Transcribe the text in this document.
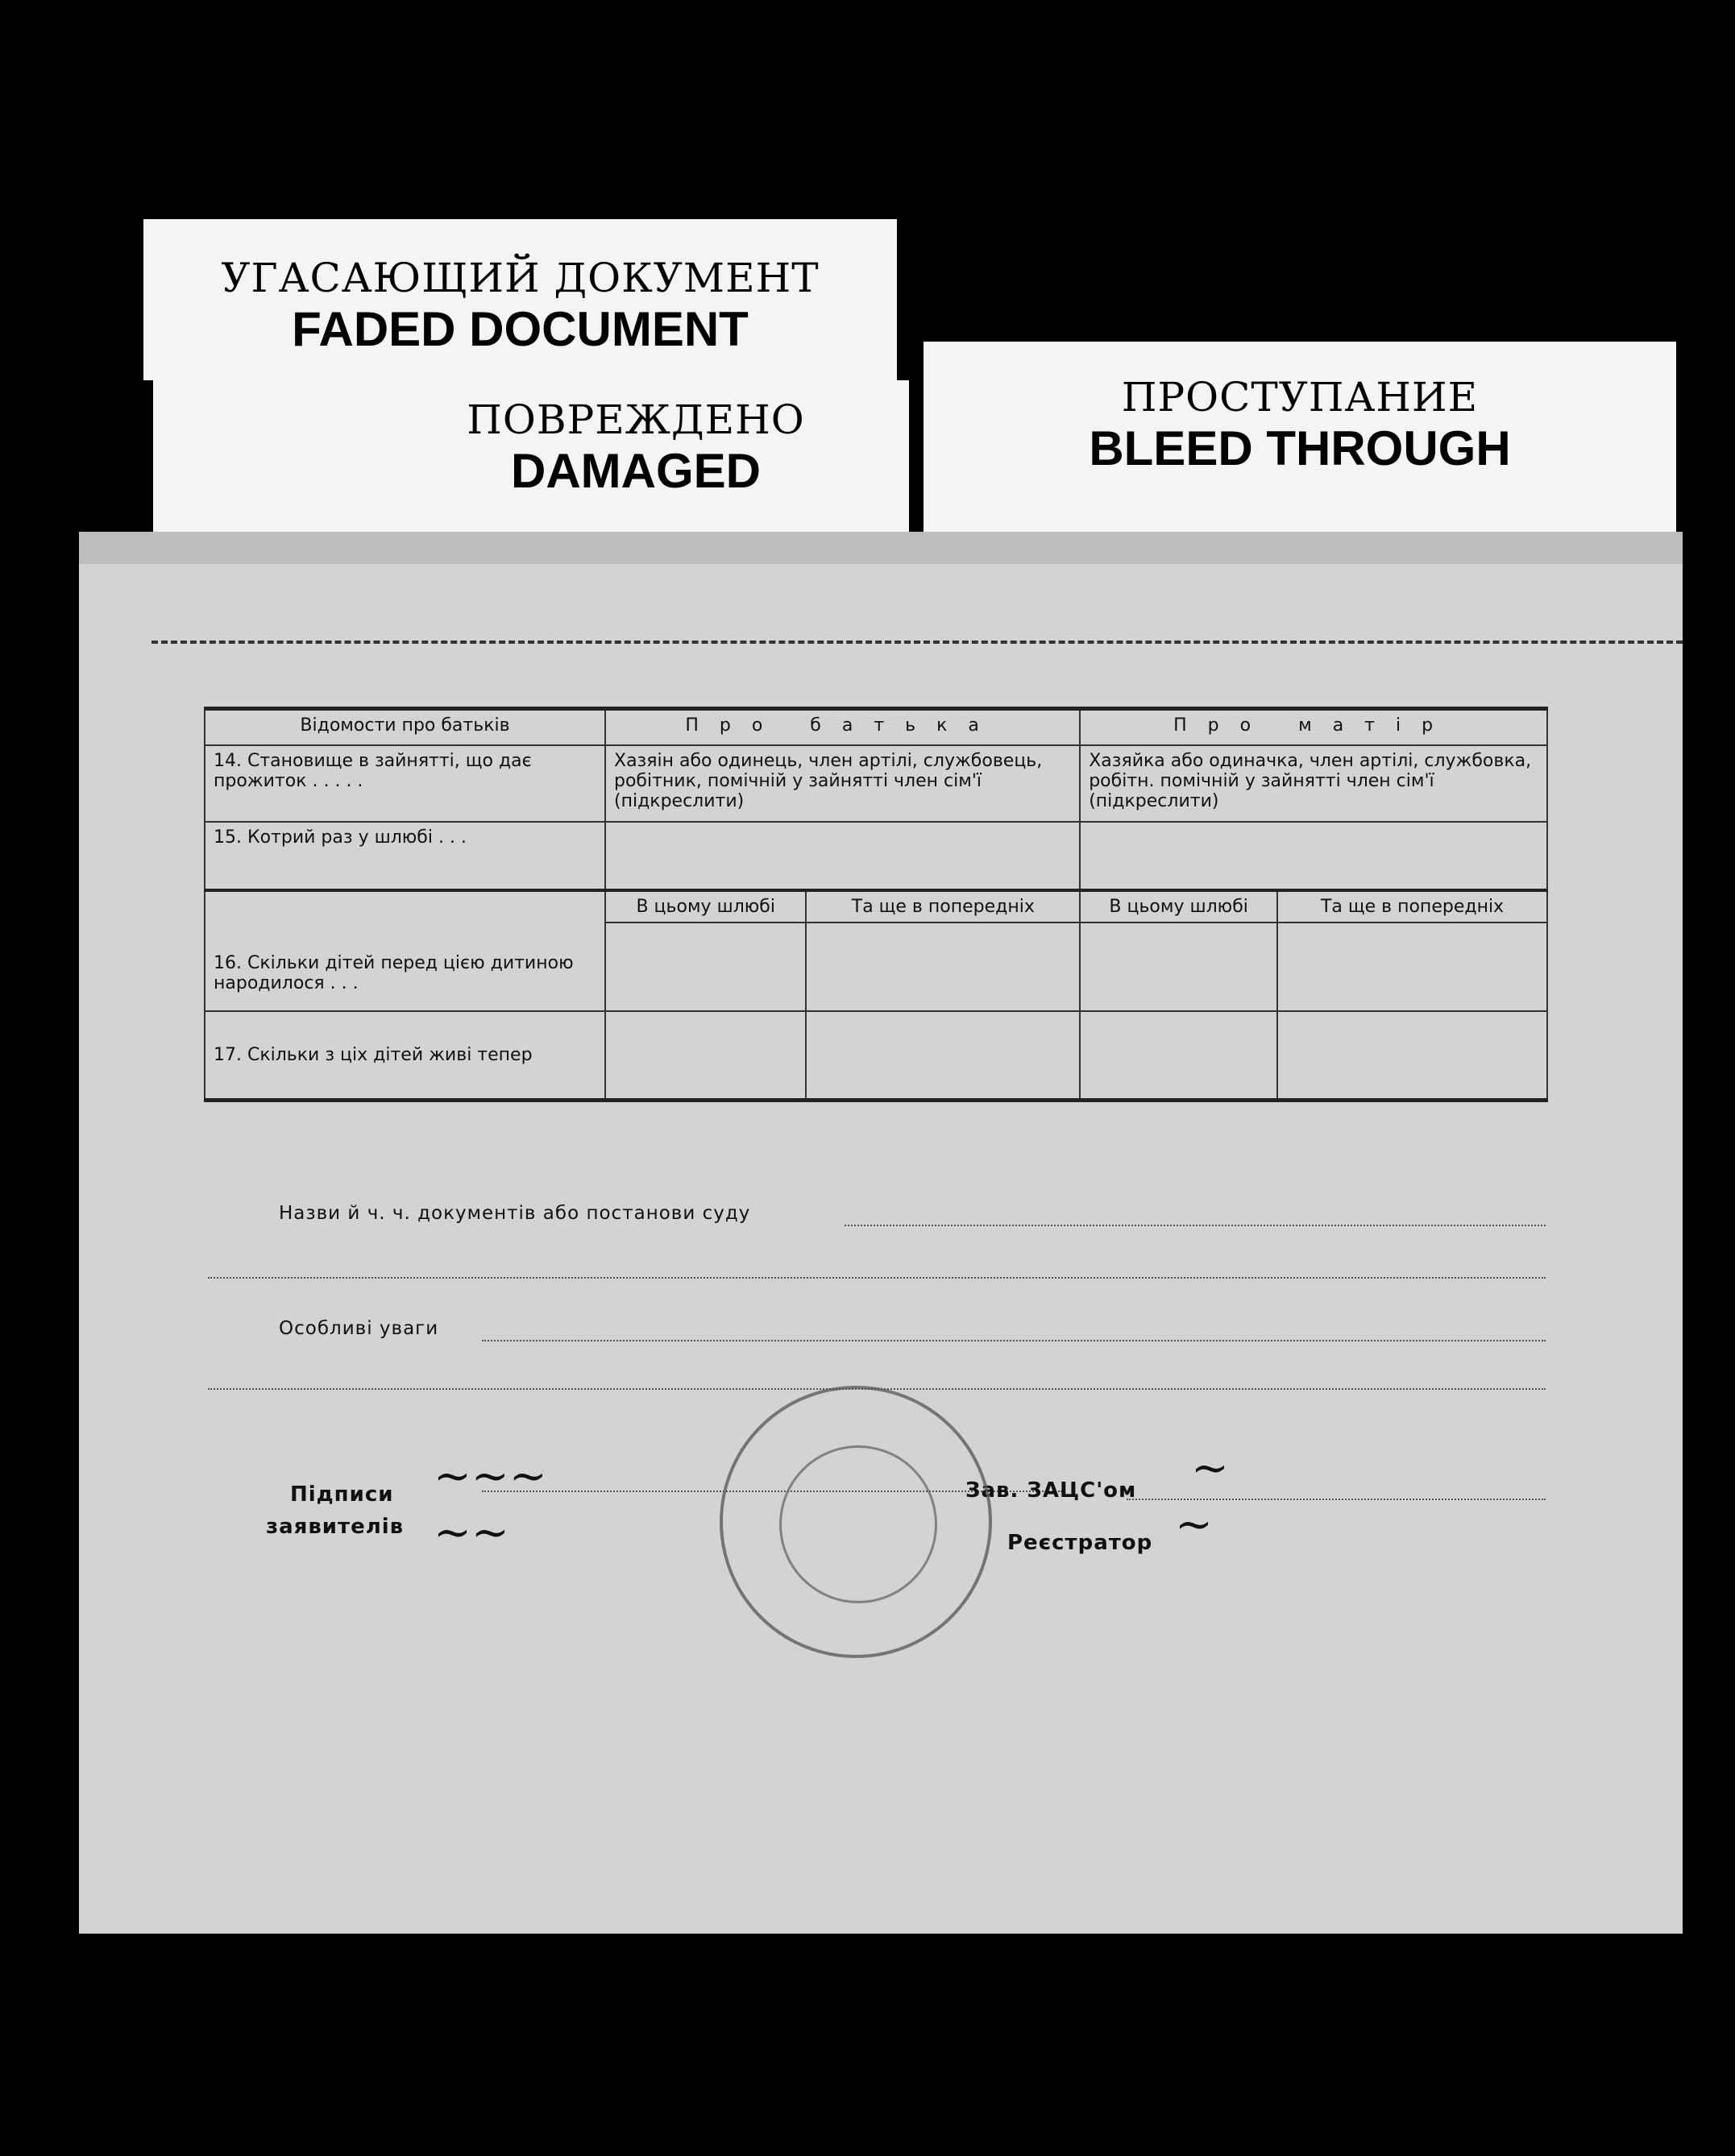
УГАСАЮЩИЙ ДОКУМЕНТ
FADED DOCUMENT
ПОВРЕЖДЕНО
DAMAGED
ПРОСТУПАНИЕ
BLEED THROUGH
Відомости про батьків	Про батька		Про матір	
14. Становище в зайнятті, що дає прожиток . . . . .	Хазяін або одинець, член артілі, службовець, робітник, помічній у зайнятті член сім'ї (підкреслити)		Хазяйка або одиначка, член артілі, службовка, робітн. помічній у зайнятті член сім'ї (підкреслити)	
15. Котрий раз у шлюбі . . .				

16. Скільки дітей перед цією дитиною народилося . . .	В цьому шлюбі	Та ще в попередніх	В цьому шлюбі	Та ще в попередніх

17. Скільки з ціх дітей живі тепер				
Назви й ч. ч. документів або постанови суду
Особливі уваги
Підписи
заявителів
Зав. ЗАЦС'ом
Реєстратор
~~~
~~
~
~
